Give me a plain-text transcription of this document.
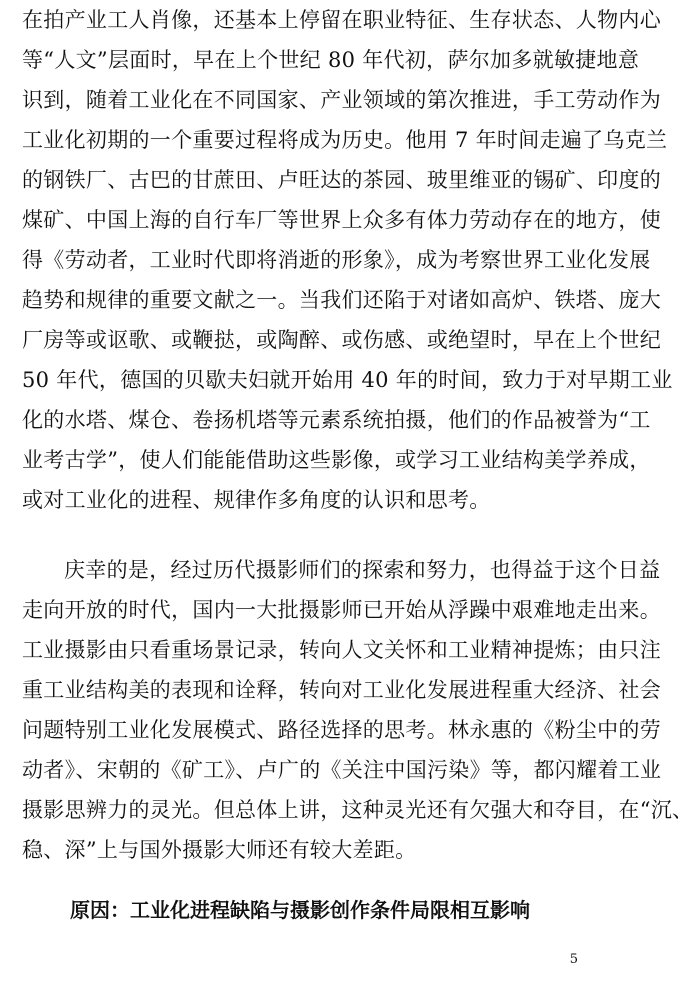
在拍产业工人肖像，还基本上停留在职业特征、生存状态、人物内心
等“人文”层面时，早在上个世纪 80 年代初，萨尔加多就敏捷地意
识到，随着工业化在不同国家、产业领域的第次推进，手工劳动作为
工业化初期的一个重要过程将成为历史。他用 7 年时间走遍了乌克兰
的钢铁厂、古巴的甘蔗田、卢旺达的茶园、玻里维亚的锡矿、印度的
煤矿、中国上海的自行车厂等世界上众多有体力劳动存在的地方，使
得《劳动者，工业时代即将消逝的形象》，成为考察世界工业化发展
趋势和规律的重要文献之一。当我们还陷于对诸如高炉、铁塔、庞大
厂房等或讴歌、或鞭挞，或陶醉、或伤感、或绝望时，早在上个世纪
50 年代，德国的贝歇夫妇就开始用 40 年的时间，致力于对早期工业
化的水塔、煤仓、卷扬机塔等元素系统拍摄，他们的作品被誉为“工
业考古学”，使人们能能借助这些影像，或学习工业结构美学养成，
或对工业化的进程、规律作多角度的认识和思考。
庆幸的是，经过历代摄影师们的探索和努力，也得益于这个日益
走向开放的时代，国内一大批摄影师已开始从浮躁中艰难地走出来。
工业摄影由只看重场景记录，转向人文关怀和工业精神提炼；由只注
重工业结构美的表现和诠释，转向对工业化发展进程重大经济、社会
问题特别工业化发展模式、路径选择的思考。林永惠的《粉尘中的劳
动者》、宋朝的《矿工》、卢广的《关注中国污染》等，都闪耀着工业
摄影思辨力的灵光。但总体上讲，这种灵光还有欠强大和夺目，在“沉、
稳、深”上与国外摄影大师还有较大差距。
原因：工业化进程缺陷与摄影创作条件局限相互影响
5
